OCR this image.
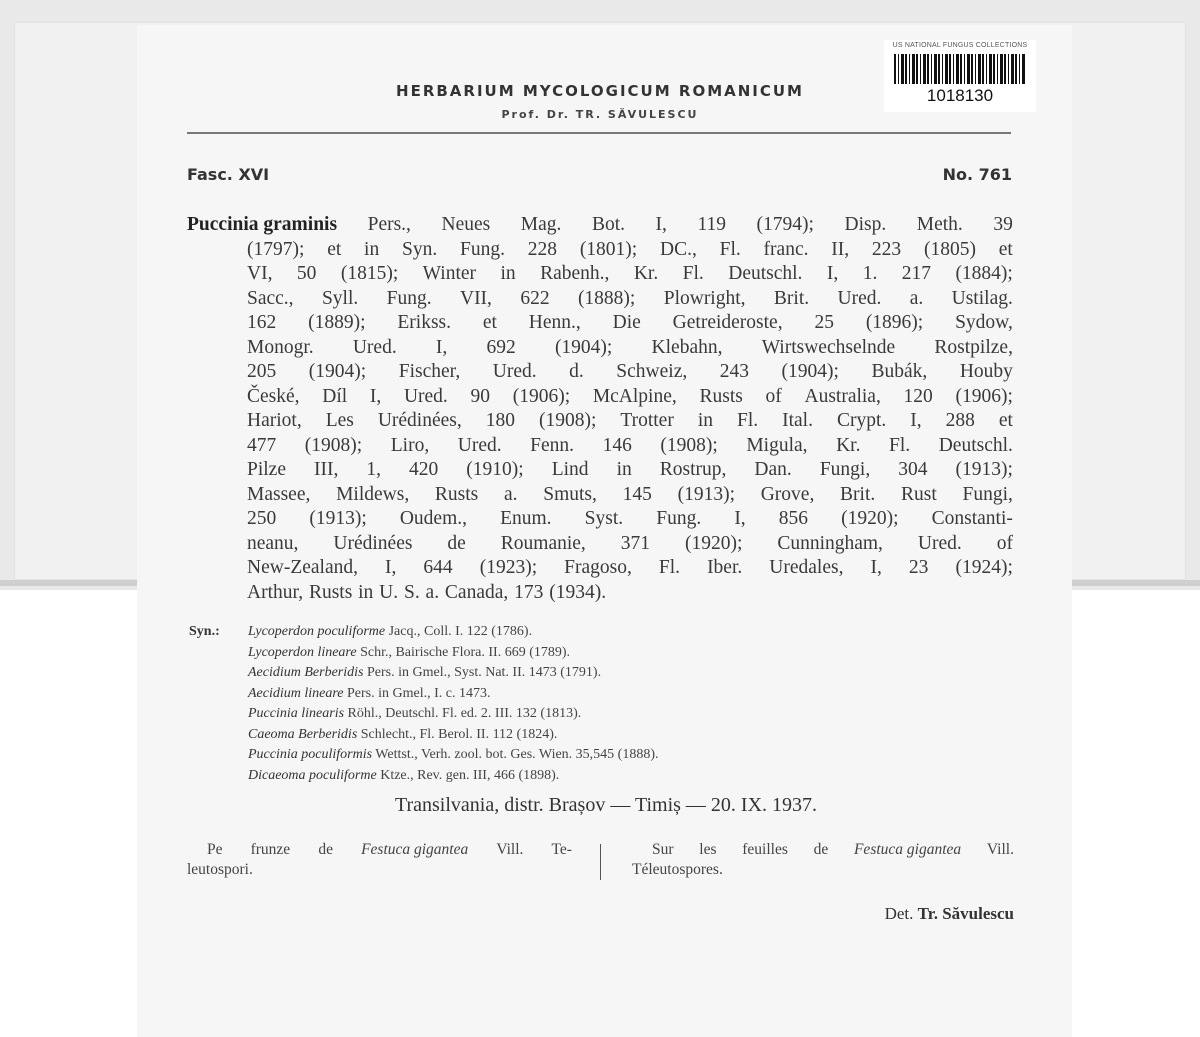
US NATIONAL FUNGUS COLLECTIONS
1018130
HERBARIUM MYCOLOGICUM ROMANICUM
Prof. Dr. TR. SĂVULESCU
Fasc. XVI	No. 761
Puccinia graminis Pers., Neues Mag. Bot. I, 119 (1794); Disp. Meth. 39
(1797); et in Syn. Fung. 228 (1801); DC., Fl. franc. II, 223 (1805) et
VI, 50 (1815); Winter in Rabenh., Kr. Fl. Deutschl. I, 1. 217 (1884);
Sacc., Syll. Fung. VII, 622 (1888); Plowright, Brit. Ured. a. Ustilag.
162 (1889); Erikss. et Henn., Die Getreideroste, 25 (1896); Sydow,
Monogr. Ured. I, 692 (1904); Klebahn, Wirtswechselnde Rostpilze,
205 (1904); Fischer, Ured. d. Schweiz, 243 (1904); Bubák, Houby
České, Díl I, Ured. 90 (1906); McAlpine, Rusts of Australia, 120 (1906);
Hariot, Les Urédinées, 180 (1908); Trotter in Fl. Ital. Crypt. I, 288 et
477 (1908); Liro, Ured. Fenn. 146 (1908); Migula, Kr. Fl. Deutschl.
Pilze III, 1, 420 (1910); Lind in Rostrup, Dan. Fungi, 304 (1913);
Massee, Mildews, Rusts a. Smuts, 145 (1913); Grove, Brit. Rust Fungi,
250 (1913); Oudem., Enum. Syst. Fung. I, 856 (1920); Constanti-
neanu, Urédinées de Roumanie, 371 (1920); Cunningham, Ured. of
New-Zealand, I, 644 (1923); Fragoso, Fl. Iber. Uredales, I, 23 (1924);
Arthur, Rusts in U. S. a. Canada, 173 (1934).
Syn.:	Lycoperdon poculiforme Jacq., Coll. I. 122 (1786).
Lycoperdon lineare Schr., Bairische Flora. II. 669 (1789).
Aecidium Berberidis Pers. in Gmel., Syst. Nat. II. 1473 (1791).
Aecidium lineare Pers. in Gmel., I. c. 1473.
Puccinia linearis Röhl., Deutschl. Fl. ed. 2. III. 132 (1813).
Caeoma Berberidis Schlecht., Fl. Berol. II. 112 (1824).
Puccinia poculiformis Wettst., Verh. zool. bot. Ges. Wien. 35,545 (1888).
Dicaeoma poculiforme Ktze., Rev. gen. III, 466 (1898).
Transilvania, distr. Brașov — Timiș — 20. IX. 1937.
Pe frunze de Festuca gigantea Vill. Te-
leutospori.
Sur les feuilles de Festuca gigantea Vill.
Téleutospores.
Det. Tr. Săvulescu
